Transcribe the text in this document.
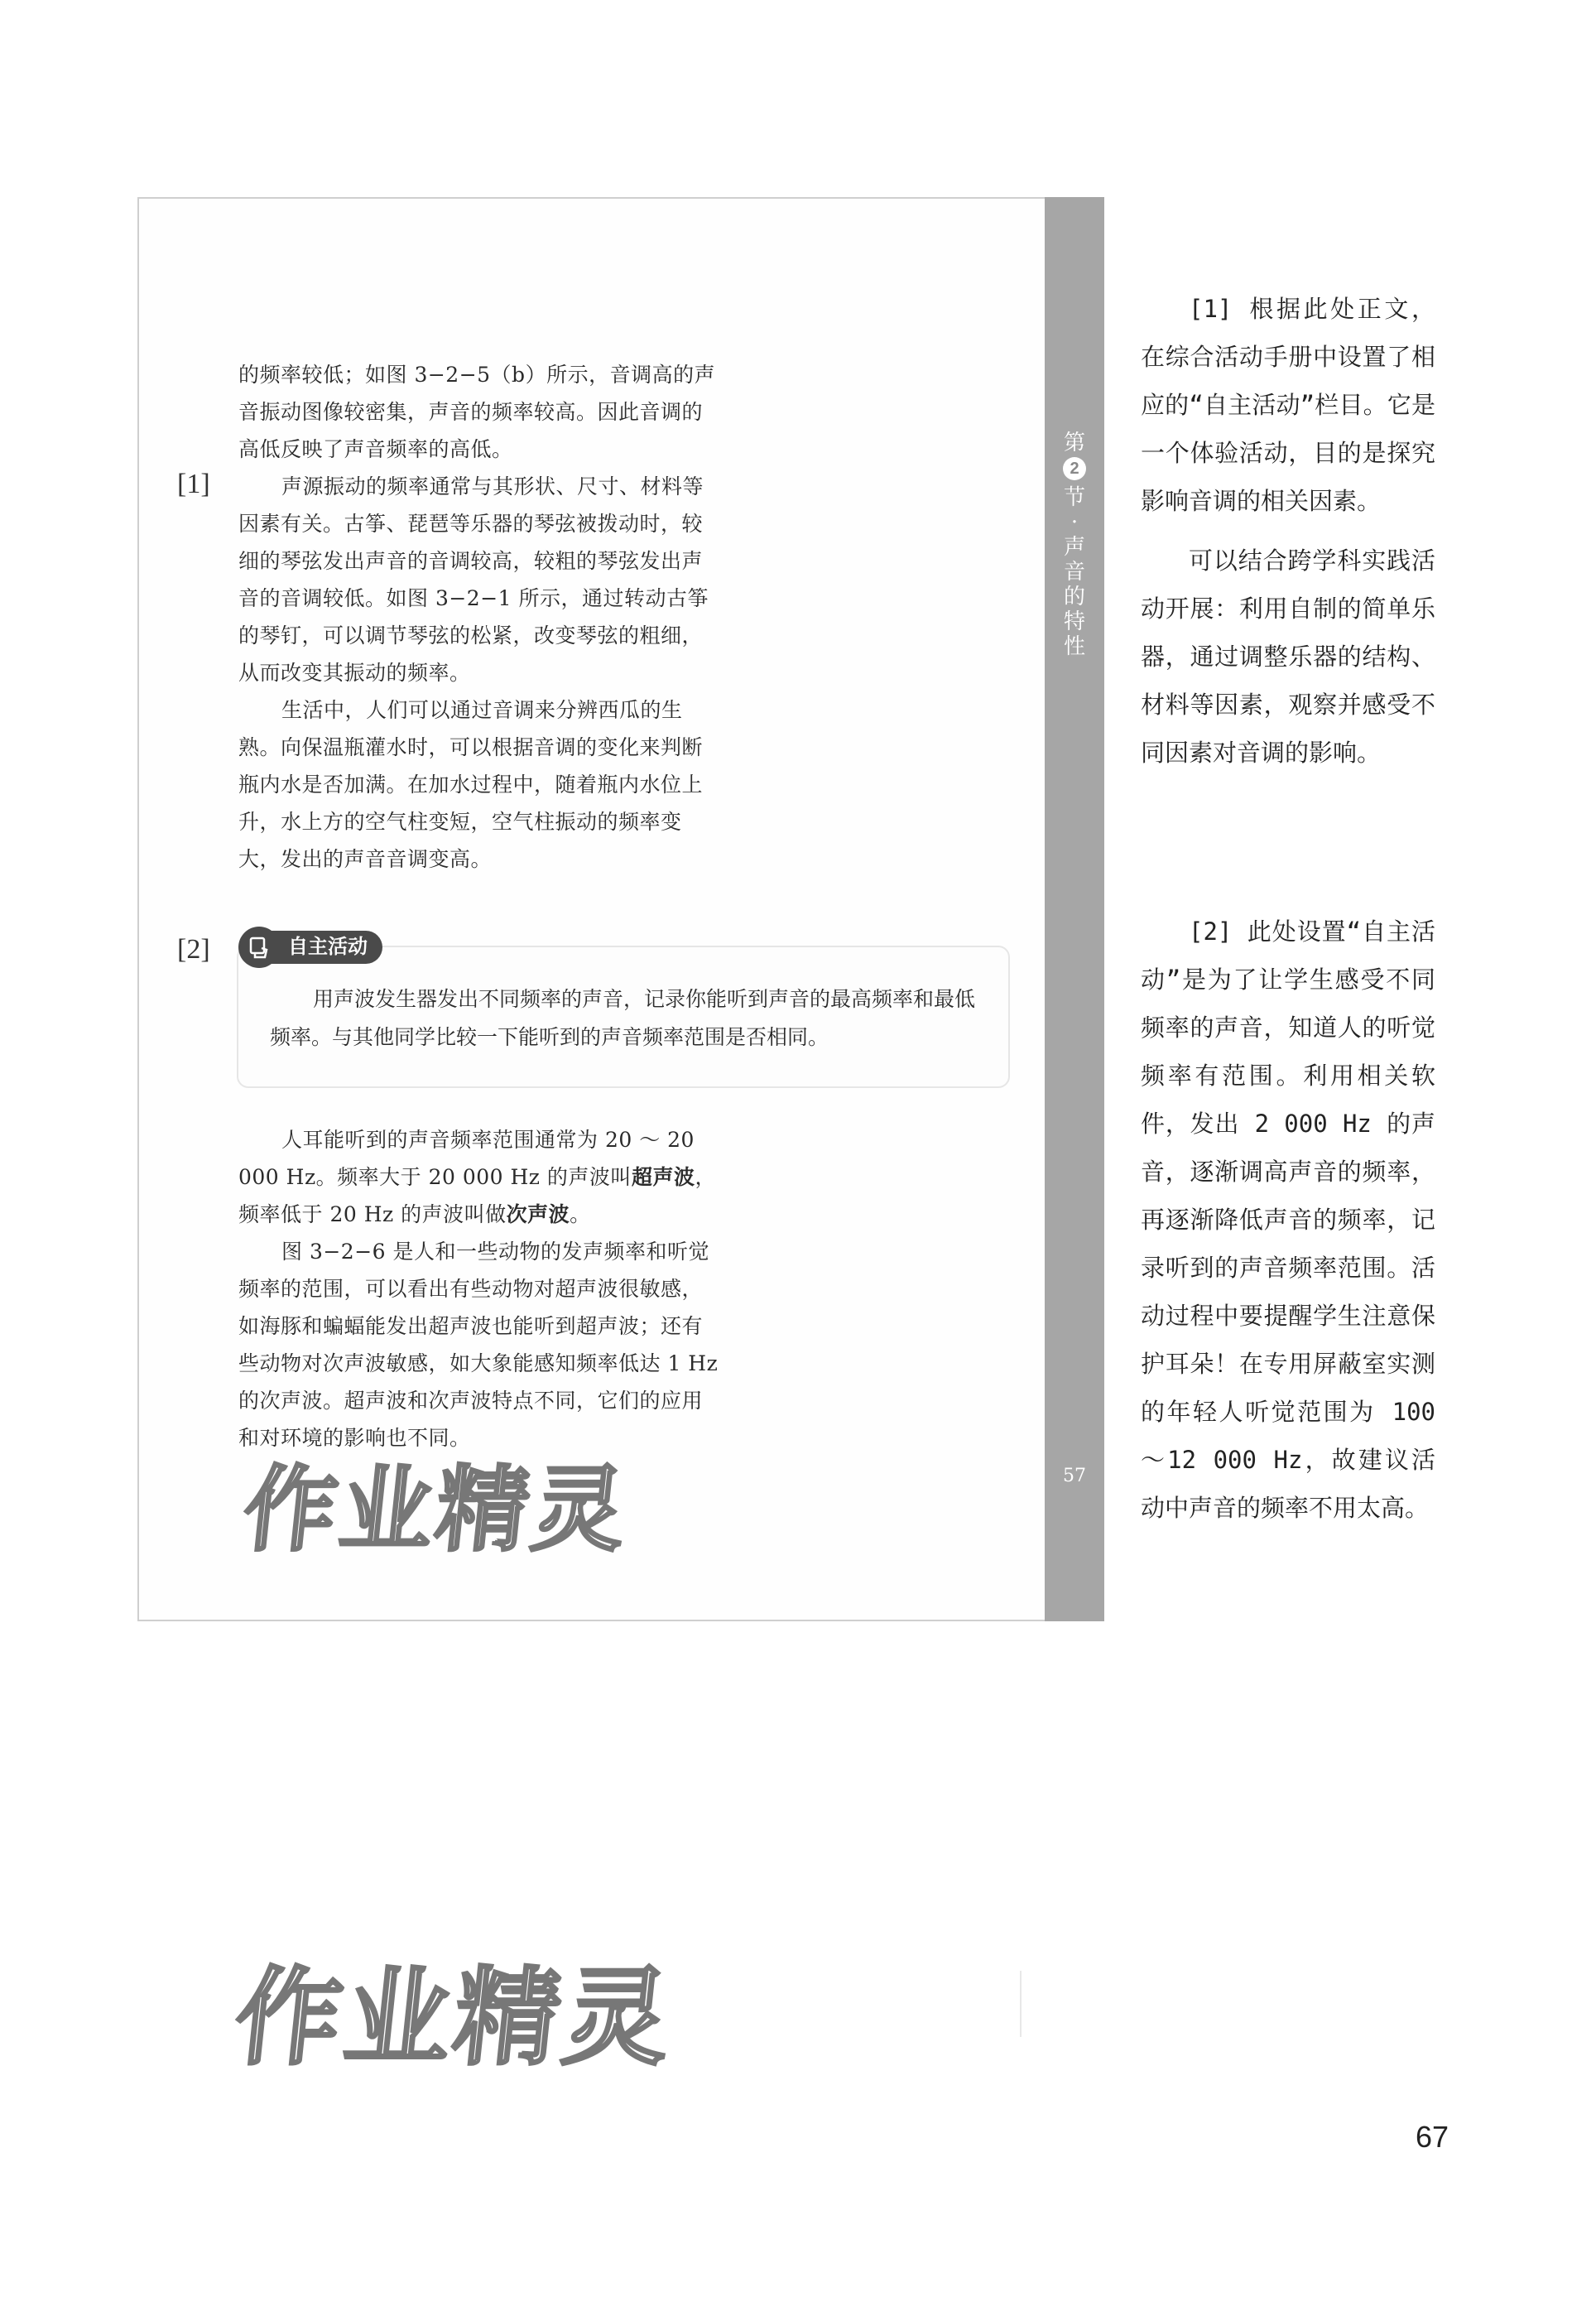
第
2
节
·
声
音
的
特
性
57

的频率较低；如图 3−2−5（b）所示，音调高的声音振动图像较密集，声音的频率较高。因此音调的高低反映了声音频率的高低。

声源振动的频率通常与其形状、尺寸、材料等因素有关。古筝、琵琶等乐器的琴弦被拨动时，较细的琴弦发出声音的音调较高，较粗的琴弦发出声音的音调较低。如图 3−2−1 所示，通过转动古筝的琴钉，可以调节琴弦的松紧，改变琴弦的粗细，从而改变其振动的频率。

生活中，人们可以通过音调来分辨西瓜的生熟。向保温瓶灌水时，可以根据音调的变化来判断瓶内水是否加满。在加水过程中，随着瓶内水位上升，水上方的空气柱变短，空气柱振动的频率变大，发出的声音音调变高。

[1]
[2]	自主活动

用声波发生器发出不同频率的声音，记录你能听到声音的最高频率和最低频率。与其他同学比较一下能听到的声音频率范围是否相同。

人耳能听到的声音频率范围通常为 20 ～ 20 000 Hz。频率大于 20 000 Hz 的声波叫超声波，频率低于 20 Hz 的声波叫做次声波。

图 3−2−6 是人和一些动物的发声频率和听觉频率的范围，可以看出有些动物对超声波很敏感，如海豚和蝙蝠能发出超声波也能听到超声波；还有些动物对次声波敏感，如大象能感知频率低达 1 Hz 的次声波。超声波和次声波特点不同，它们的应用和对环境的影响也不同。

作业精灵
作业精灵

[1] 根据此处正文，在综合活动手册中设置了相应的“自主活动”栏目。它是一个体验活动，目的是探究影响音调的相关因素。

可以结合跨学科实践活动开展：利用自制的简单乐器，通过调整乐器的结构、材料等因素，观察并感受不同因素对音调的影响。

[2] 此处设置“自主活动”是为了让学生感受不同频率的声音，知道人的听觉频率有范围。利用相关软件，发出 2 000 Hz 的声音，逐渐调高声音的频率，再逐渐降低声音的频率，记录听到的声音频率范围。活动过程中要提醒学生注意保护耳朵！在专用屏蔽室实测的年轻人听觉范围为 100～12 000 Hz，故建议活动中声音的频率不用太高。

67
